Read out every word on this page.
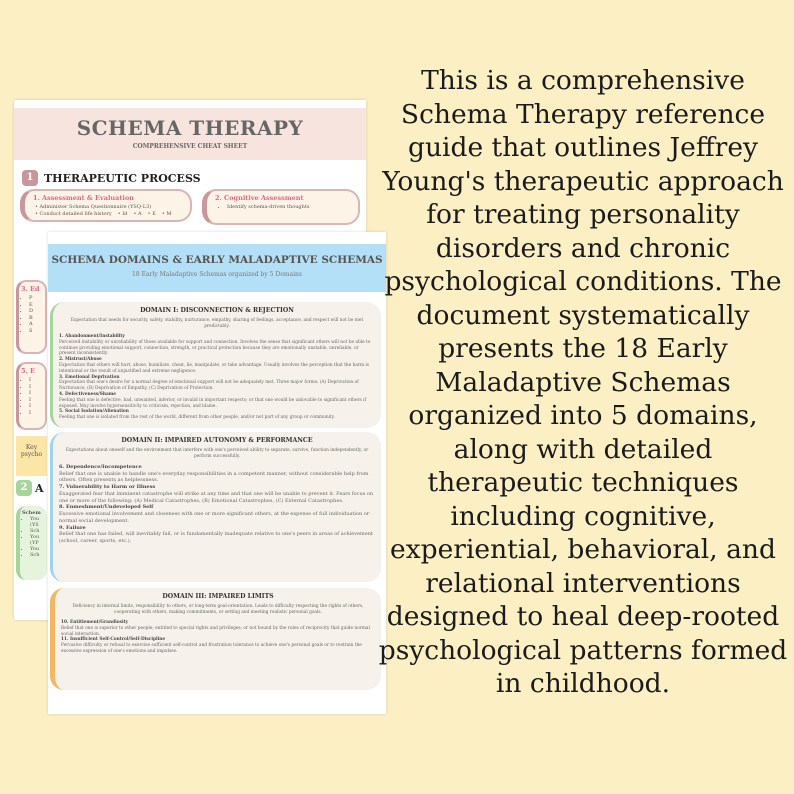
SCHEMA THERAPY
COMPREHENSIVE CHEAT SHEET
1 THERAPEUTIC PROCESS
1. Assessment & Evaluation
• Administer Schema Questionnaire (YSQ-L3)
• Conduct detailed life history	• Id	• A	• E	• M
2. Cognitive Assessment
• Identify schema-driven thoughts
3. Ed
• P
• E
• D
• B
• A
• S
5. E
• I
• I
• I
• I
• I
• I
Key psycho
2 A
Schem
• You (YS
• Sch
• You (YP
• You
• Sch
SCHEMA DOMAINS & EARLY MALADAPTIVE SCHEMAS
18 Early Maladaptive Schemas organized by 5 Domains
DOMAIN I: DISCONNECTION & REJECTION
Expectation that needs for security, safety, stability, nurturance, empathy, sharing of feelings, acceptance, and respect will not be met predictably.
1. Abandonment/Instability
Perceived instability or unreliability of those available for support and connection. Involves the sense that significant others will not be able to continue providing emotional support, connection, strength, or practical protection because they are emotionally unstable, unreliable, or present inconsistently.
2. Mistrust/Abuse
Expectation that others will hurt, abuse, humiliate, cheat, lie, manipulate, or take advantage. Usually involves the perception that the harm is intentional or the result of unjustified and extreme negligence.
3. Emotional Deprivation
Expectation that one's desire for a normal degree of emotional support will not be adequately met. Three major forms: (A) Deprivation of Nurturance, (B) Deprivation of Empathy, (C) Deprivation of Protection.
4. Defectiveness/Shame
Feeling that one is defective, bad, unwanted, inferior, or invalid in important respects; or that one would be unlovable to significant others if exposed. May involve hypersensitivity to criticism, rejection, and blame.
5. Social Isolation/Alienation
Feeling that one is isolated from the rest of the world, different from other people, and/or not part of any group or community.
DOMAIN II: IMPAIRED AUTONOMY & PERFORMANCE
Expectations about oneself and the environment that interfere with one's perceived ability to separate, survive, function independently, or perform successfully.
6. Dependence/Incompetence
Belief that one is unable to handle one's everyday responsibilities in a competent manner, without considerable help from others. Often presents as helplessness.
7. Vulnerability to Harm or Illness
Exaggerated fear that imminent catastrophe will strike at any time and that one will be unable to prevent it. Fears focus on one or more of the following: (A) Medical Catastrophes, (B) Emotional Catastrophes, (C) External Catastrophes.
8. Enmeshment/Undeveloped Self
Excessive emotional involvement and closeness with one or more significant others, at the expense of full individuation or normal social development.
9. Failure
Belief that one has failed, will inevitably fail, or is fundamentally inadequate relative to one's peers in areas of achievement (school, career, sports, etc.).
DOMAIN III: IMPAIRED LIMITS
Deficiency in internal limits, responsibility to others, or long-term goal-orientation. Leads to difficulty respecting the rights of others, cooperating with others, making commitments, or setting and meeting realistic personal goals.
10. Entitlement/Grandiosity
Belief that one is superior to other people; entitled to special rights and privileges; or not bound by the rules of reciprocity that guide normal social interaction.
11. Insufficient Self-Control/Self-Discipline
Pervasive difficulty or refusal to exercise sufficient self-control and frustration tolerance to achieve one's personal goals or to restrain the excessive expression of one's emotions and impulses.
This is a comprehensive Schema Therapy reference guide that outlines Jeffrey Young's therapeutic approach for treating personality disorders and chronic psychological conditions. The document systematically presents the 18 Early Maladaptive Schemas organized into 5 domains, along with detailed therapeutic techniques including cognitive, experiential, behavioral, and relational interventions designed to heal deep-rooted psychological patterns formed in childhood.
